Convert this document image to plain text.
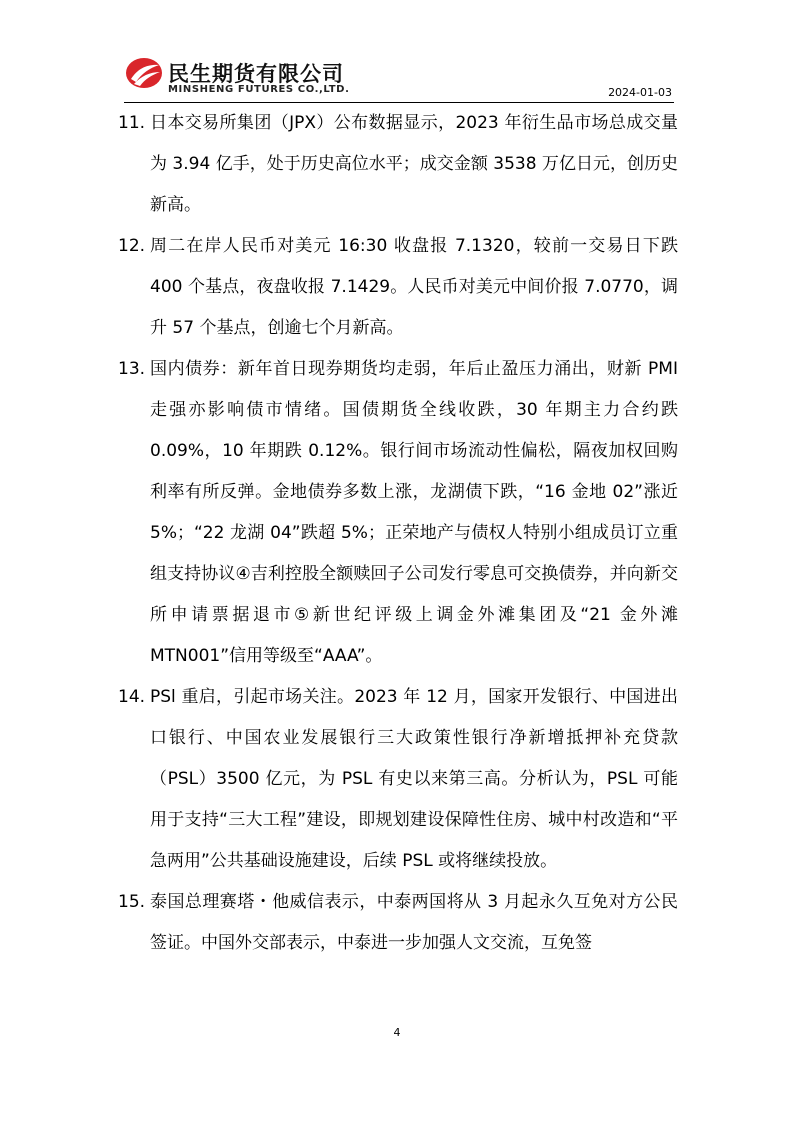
民生期货有限公司
MINSHENG FUTURES CO.,LTD.	2024-01-03
11. 日本交易所集团（JPX）公布数据显示，2023 年衍生品市场总成交量为 3.94 亿手，处于历史高位水平；成交金额 3538 万亿日元，创历史新高。

12. 周二在岸人民币对美元 16:30 收盘报 7.1320，较前一交易日下跌 400 个基点，夜盘收报 7.1429。人民币对美元中间价报 7.0770，调升 57 个基点，创逾七个月新高。

13. 国内债券：新年首日现券期货均走弱，年后止盈压力涌出，财新 PMI 走强亦影响债市情绪。国债期货全线收跌，30 年期主力合约跌 0.09%，10 年期跌 0.12%。银行间市场流动性偏松，隔夜加权回购利率有所反弹。金地债券多数上涨，龙湖债下跌，“16 金地 02”涨近 5%；“22 龙湖 04”跌超 5%；正荣地产与债权人特别小组成员订立重组支持协议④吉利控股全额赎回子公司发行零息可交换债券，并向新交所申请票据退市⑤新世纪评级上调金外滩集团及“21 金外滩 MTN001”信用等级至“AAA”。

14. PSl 重启，引起市场关注。2023 年 12 月，国家开发银行、中国进出口银行、中国农业发展银行三大政策性银行净新增抵押补充贷款（PSL）3500 亿元，为 PSL 有史以来第三高。分析认为，PSL 可能用于支持“三大工程”建设，即规划建设保障性住房、城中村改造和“平急两用”公共基础设施建设，后续 PSL 或将继续投放。

15. 泰国总理赛塔・他威信表示，中泰两国将从 3 月起永久互免对方公民签证。中国外交部表示，中泰进一步加强人文交流，互免签

4
